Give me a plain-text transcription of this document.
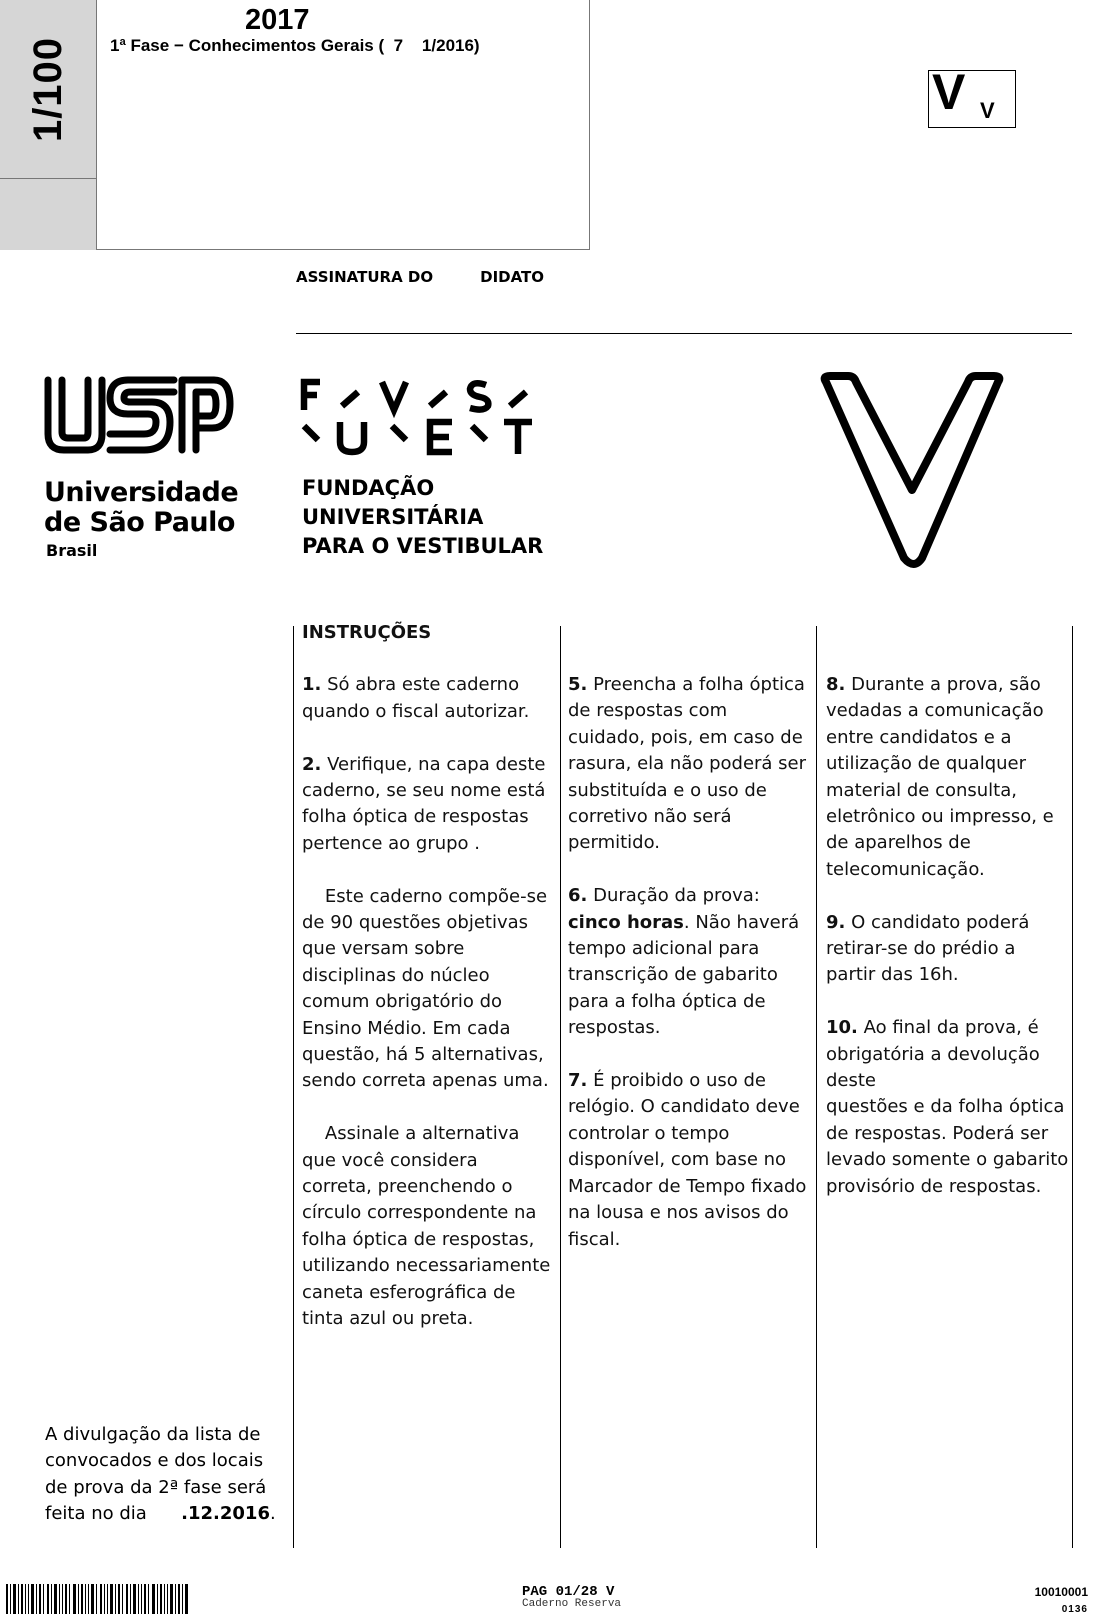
1/100
2017
1ª Fase − Conhecimentos Gerais (  7    1/2016)
V V
ASSINATURA DO         DIDATO
Universidade
de São Paulo
Brasil
FUNDAÇÃO
UNIVERSITÁRIA
PARA O VESTIBULAR

INSTRUÇÕES

1. Só abra este caderno quando o fiscal autorizar.

2. Verifique, na capa deste caderno, se seu nome está
folha óptica de respostas pertence ao grupo .

Este caderno compõe-se de 90 questões objetivas que versam sobre disciplinas do núcleo comum obrigatório do Ensino Médio. Em cada questão, há 5 alternativas, sendo correta apenas uma.

Assinale a alternativa que você considera correta, preenchendo o círculo correspondente na folha óptica de respostas, utilizando necessariamente caneta esferográfica de tinta azul ou preta.

5. Preencha a folha óptica de respostas com cuidado, pois, em caso de rasura, ela não poderá ser substituída e o uso de corretivo não será permitido.

6. Duração da prova: cinco horas. Não haverá tempo adicional para transcrição de gabarito para a folha óptica de respostas.

7. É proibido o uso de relógio. O candidato deve controlar o tempo disponível, com base no Marcador de Tempo fixado na lousa e nos avisos do fiscal.

8. Durante a prova, são vedadas a comunicação entre candidatos e a utilização de qualquer material de consulta, eletrônico ou impresso, e de aparelhos de telecomunicação.

9. O candidato poderá retirar-se do prédio a partir das 16h.

10. Ao final da prova, é obrigatória a devolução deste
questões e da folha óptica de respostas. Poderá ser levado somente o gabarito provisório de respostas.

A divulgação da lista de
convocados e dos locais
de prova da 2ª fase será
feita no dia      .12.2016.
PAG 01/28 V
Caderno Reserva
10010001
0136
